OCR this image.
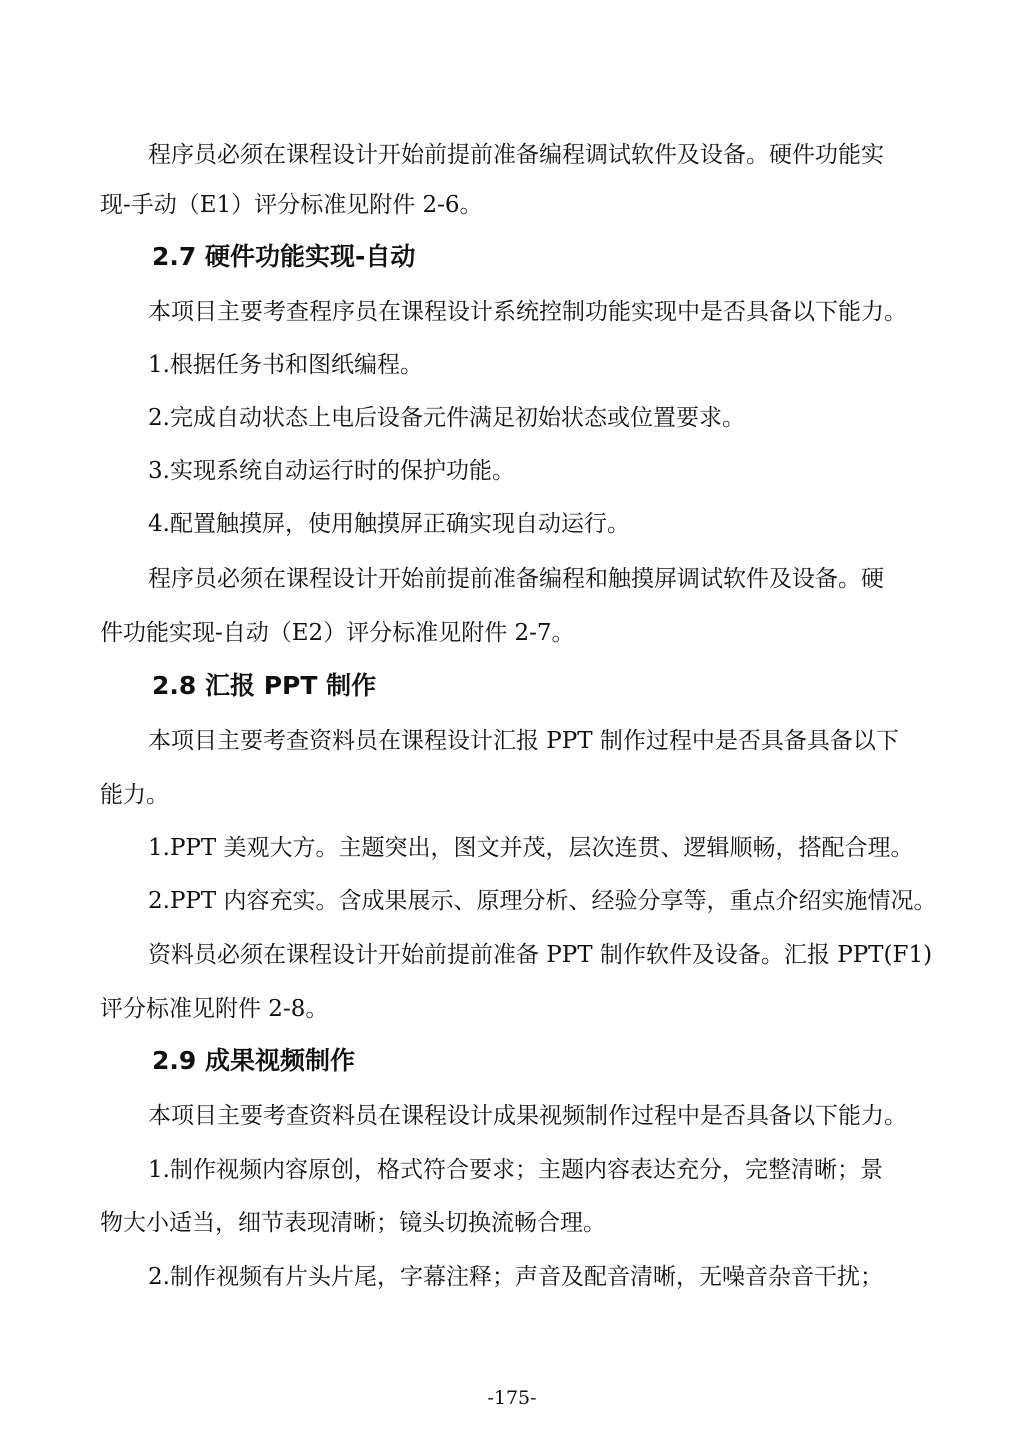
程序员必须在课程设计开始前提前准备编程调试软件及设备。硬件功能实
现-手动（E1）评分标准见附件 2-6。
2.7 硬件功能实现-自动
本项目主要考查程序员在课程设计系统控制功能实现中是否具备以下能力。
1.根据任务书和图纸编程。
2.完成自动状态上电后设备元件满足初始状态或位置要求。
3.实现系统自动运行时的保护功能。
4.配置触摸屏，使用触摸屏正确实现自动运行。
程序员必须在课程设计开始前提前准备编程和触摸屏调试软件及设备。硬
件功能实现-自动（E2）评分标准见附件 2-7。
2.8 汇报 PPT 制作
本项目主要考查资料员在课程设计汇报 PPT 制作过程中是否具备具备以下
能力。
1.PPT 美观大方。主题突出，图文并茂，层次连贯、逻辑顺畅，搭配合理。
2.PPT 内容充实。含成果展示、原理分析、经验分享等，重点介绍实施情况。
资料员必须在课程设计开始前提前准备 PPT 制作软件及设备。汇报 PPT(F1)
评分标准见附件 2-8。
2.9 成果视频制作
本项目主要考查资料员在课程设计成果视频制作过程中是否具备以下能力。
1.制作视频内容原创，格式符合要求；主题内容表达充分，完整清晰；景
物大小适当，细节表现清晰；镜头切换流畅合理。
2.制作视频有片头片尾，字幕注释；声音及配音清晰，无噪音杂音干扰；
-175-
